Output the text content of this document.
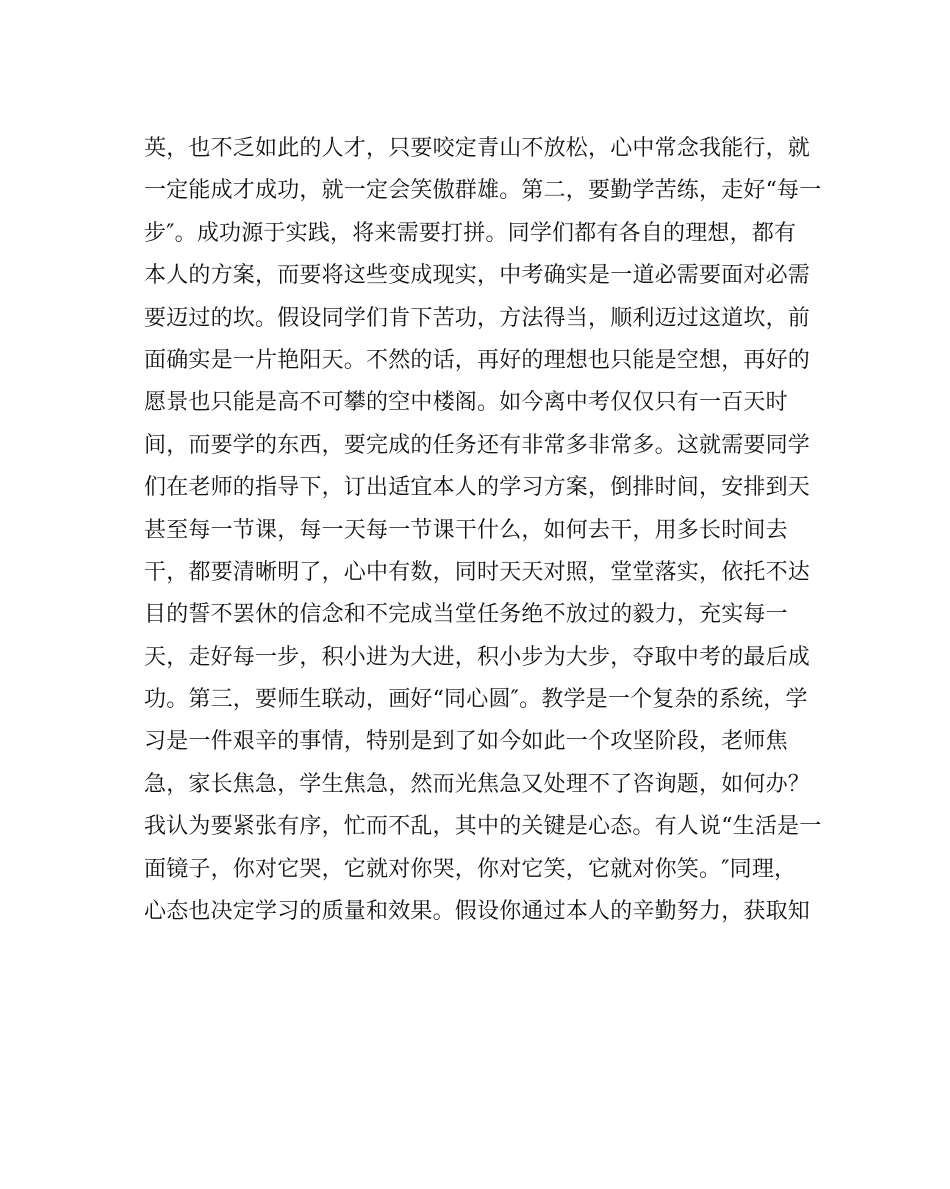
英，也不乏如此的人才，只要咬定青山不放松，心中常念我能行，就
一定能成才成功，就一定会笑傲群雄。第二，要勤学苦练，走好“每一
步″。成功源于实践，将来需要打拼。同学们都有各自的理想，都有
本人的方案，而要将这些变成现实，中考确实是一道必需要面对必需
要迈过的坎。假设同学们肯下苦功，方法得当，顺利迈过这道坎，前
面确实是一片艳阳天。不然的话，再好的理想也只能是空想，再好的
愿景也只能是高不可攀的空中楼阁。如今离中考仅仅只有一百天时
间，而要学的东西，要完成的任务还有非常多非常多。这就需要同学
们在老师的指导下，订出适宜本人的学习方案，倒排时间，安排到天
甚至每一节课，每一天每一节课干什么，如何去干，用多长时间去
干，都要清晰明了，心中有数，同时天天对照，堂堂落实，依托不达
目的誓不罢休的信念和不完成当堂任务绝不放过的毅力，充实每一
天，走好每一步，积小进为大进，积小步为大步，夺取中考的最后成
功。第三，要师生联动，画好“同心圆″。教学是一个复杂的系统，学
习是一件艰辛的事情，特别是到了如今如此一个攻坚阶段，老师焦
急，家长焦急，学生焦急，然而光焦急又处理不了咨询题，如何办？
我认为要紧张有序，忙而不乱，其中的关键是心态。有人说“生活是一
面镜子，你对它哭，它就对你哭，你对它笑，它就对你笑。″同理，
心态也决定学习的质量和效果。假设你通过本人的辛勤努力，获取知
